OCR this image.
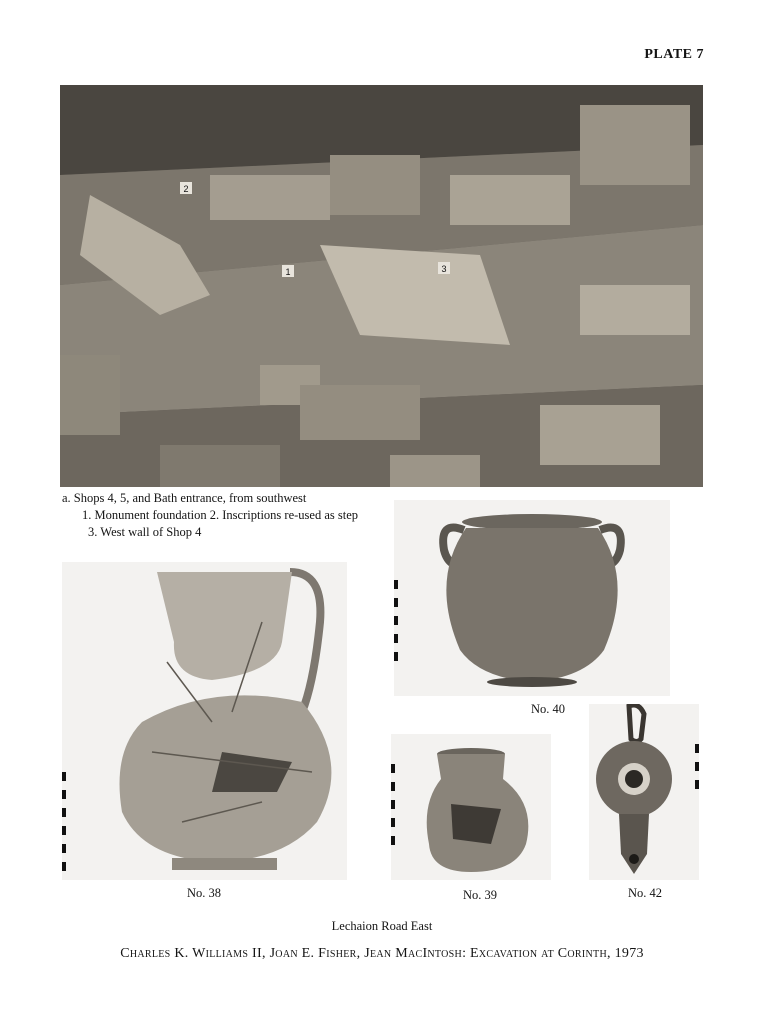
PLATE 7
2
1	3

a. Shops 4, 5, and Bath entrance, from southwest

1. Monument foundation 2. Inscriptions re-used as step

3. West wall of Shop 4

No. 40
No. 38	No. 39	No. 42
Lechaion Road East
Charles K. Williams II, Joan E. Fisher, Jean MacIntosh: Excavation at Corinth, 1973
